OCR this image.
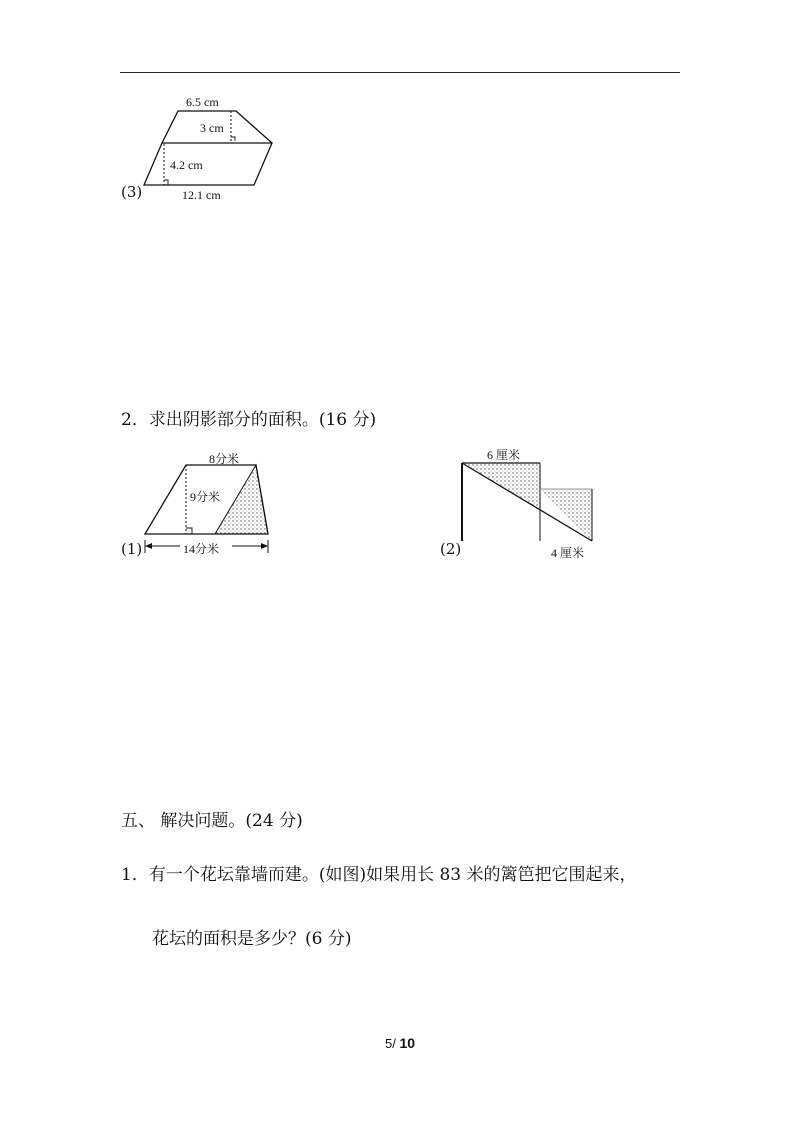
6.5 cm
3 cm
4.2 cm
12.1 cm
(3)
2．求出阴影部分的面积。(16 分)
8分米
9分米
14分米
(1)
6 厘米
4 厘米
(2)
五、 解决问题。(24 分)
1．有一个花坛靠墙而建。(如图)如果用长 83 米的篱笆把它围起来，
花坛的面积是多少？(6 分)
5/ 10
